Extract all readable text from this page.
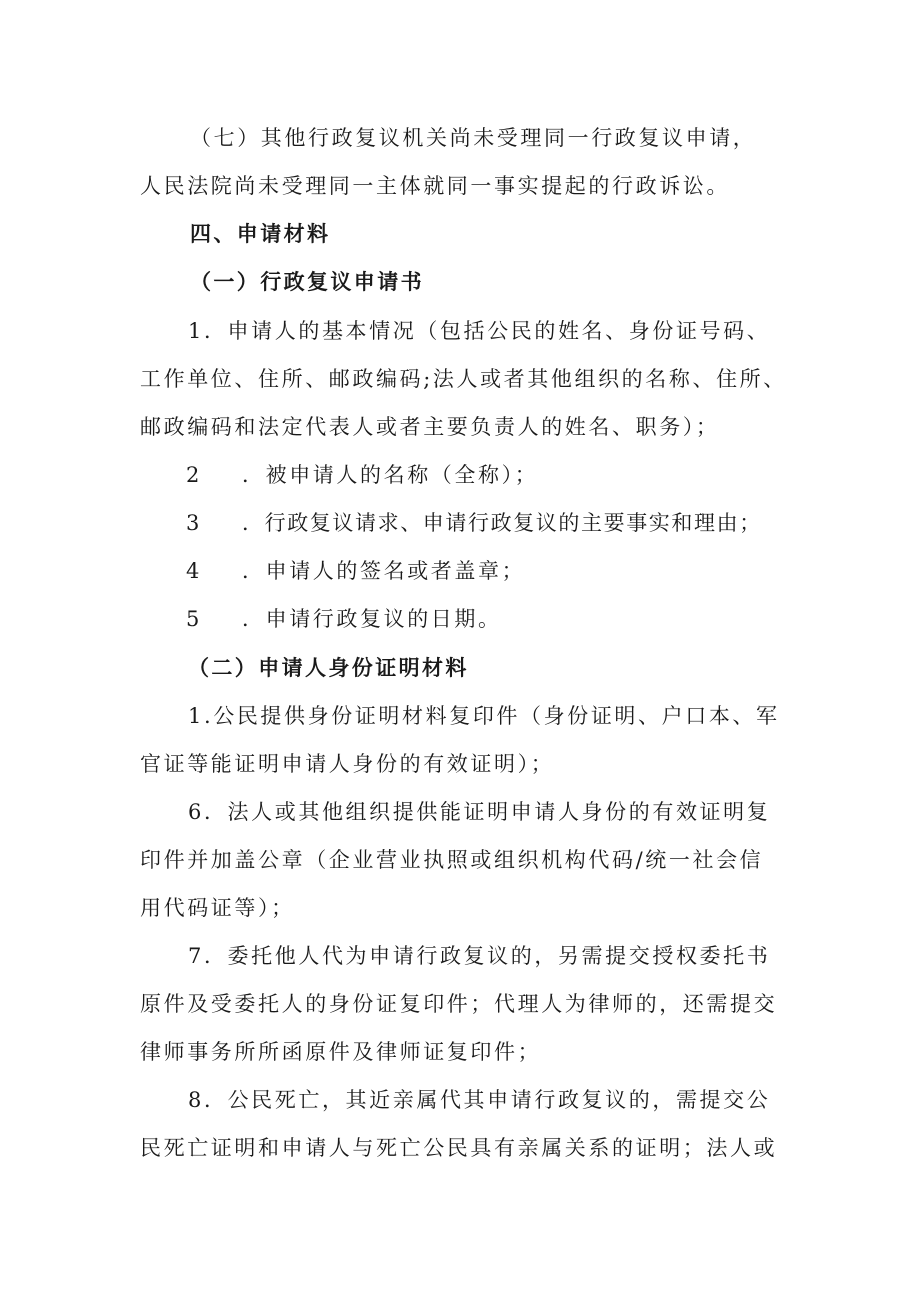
（七）其他行政复议机关尚未受理同一行政复议申请，
人民法院尚未受理同一主体就同一事实提起的行政诉讼。
四、申请材料
（一）行政复议申请书
1．申请人的基本情况（包括公民的姓名、身份证号码、
工作单位、住所、邮政编码;法人或者其他组织的名称、住所、
邮政编码和法定代表人或者主要负责人的姓名、职务）；
2 ．被申请人的名称（全称）；
3 ．行政复议请求、申请行政复议的主要事实和理由；
4 ．申请人的签名或者盖章；
5 ．申请行政复议的日期。
（二）申请人身份证明材料
1.公民提供身份证明材料复印件（身份证明、户口本、军
官证等能证明申请人身份的有效证明）；
6．法人或其他组织提供能证明申请人身份的有效证明复
印件并加盖公章（企业营业执照或组织机构代码/统一社会信
用代码证等）；
7．委托他人代为申请行政复议的，另需提交授权委托书
原件及受委托人的身份证复印件；代理人为律师的，还需提交
律师事务所所函原件及律师证复印件；
8．公民死亡，其近亲属代其申请行政复议的，需提交公
民死亡证明和申请人与死亡公民具有亲属关系的证明；法人或
